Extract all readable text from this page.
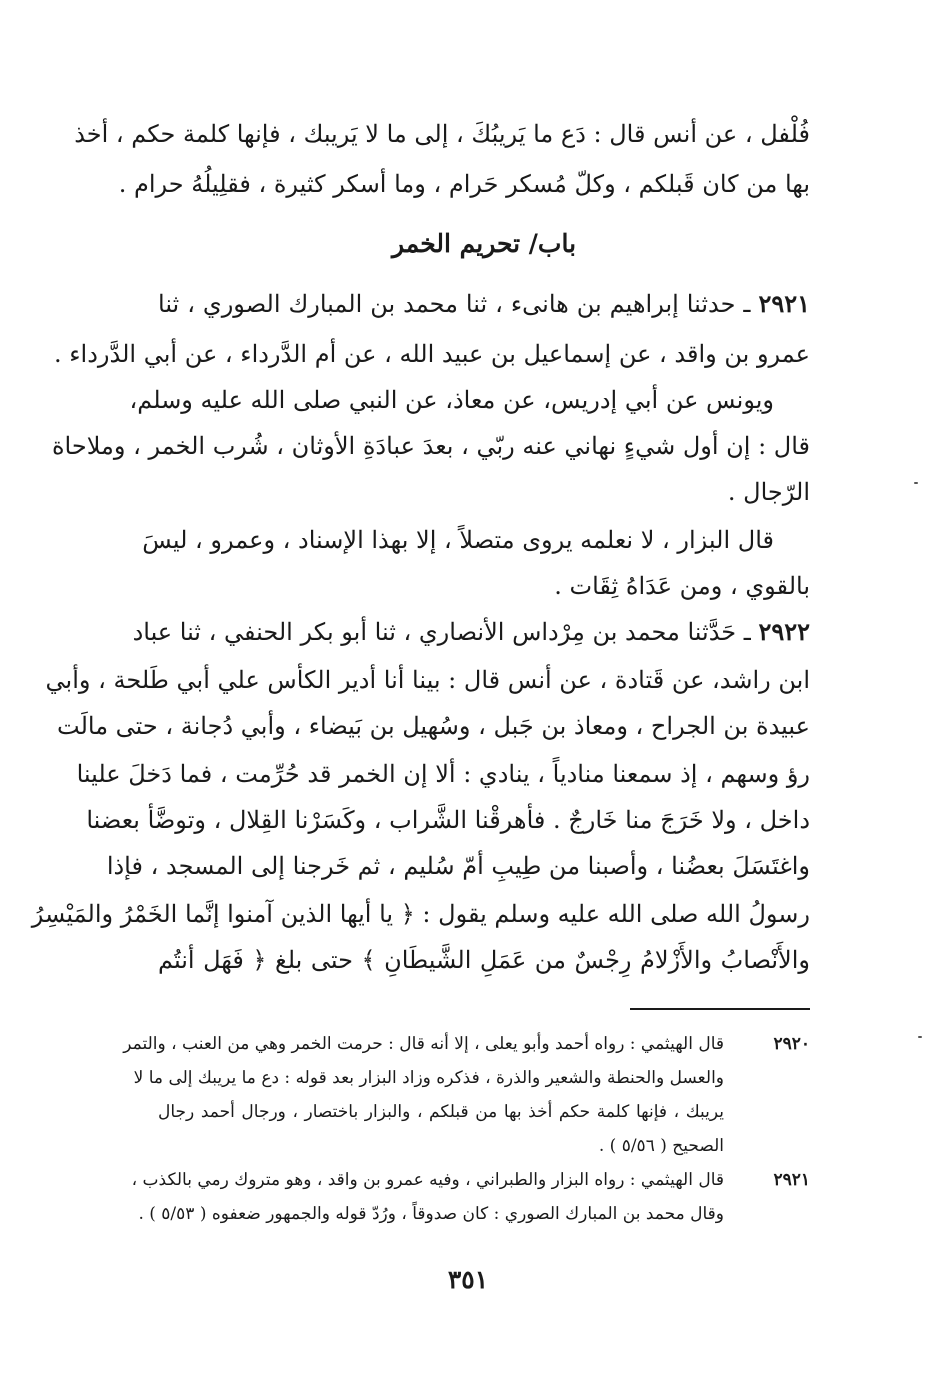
فُلْفل ، عن أنس قال : دَع ما يَريبُكَ ، إلى ما لا يَريبك ، فإنها كلمة حكم ، أخذ
بها من كان قَبلكم ، وكلّ مُسكر حَرام ، وما أسكر كثيرة ، فقلِيلُهُ حرام .
باب/ تحريم الخمر
٢٩٢١ ـ حدثنا إبراهيم بن هانىء ، ثنا محمد بن المبارك الصوري ، ثنا
عمرو بن واقد ، عن إسماعيل بن عبيد الله ، عن أم الدَّرداء ، عن أبي الدَّرداء .
ويونس عن أبي إدريس، عن معاذ، عن النبي صلى الله عليه وسلم،
قال : إن أول شيءٍ نهاني عنه ربّي ، بعدَ عبادَةِ الأوثان ، شُرب الخمر ، وملاحاة
الرّجال .
قال البزار ، لا نعلمه يروى متصلاً ، إلا بهذا الإسناد ، وعمرو ، ليسَ
بالقوي ، ومن عَدَاهُ ثِقَات .
٢٩٢٢ ـ حَدَّثنا محمد بن مِرْداس الأنصاري ، ثنا أبو بكر الحنفي ، ثنا عباد
ابن راشد، عن قَتادة ، عن أنس قال : بينا أنا أدير الكأس علي أبي طَلحة ، وأبي
عبيدة بن الجراح ، ومعاذ بن جَبل ، وسُهيل بن بَيضاء ، وأبي دُجانة ، حتى مالَت
رؤ وسهم ، إذ سمعنا منادياً ، ينادي : ألا إن الخمر قد حُرِّمت ، فما دَخلَ علينا
داخل ، ولا خَرَجَ منا خَارجٌ . فأهرقْنا الشَّراب ، وكَسَرْنا القِلال ، وتوضَّأ بعضنا
واغتَسَلَ بعضُنا ، وأصبنا من طِيبِ أمّ سُليم ، ثم خَرجنا إلى المسجد ، فإذا
رسولُ الله صلى الله عليه وسلم يقول : ﴿ يا أيها الذين آمنوا إنَّما الخَمْرُ والمَيْسِرُ
والأَنْصابُ والأَزْلامُ رِجْسٌ من عَمَلِ الشَّيطَانِ ﴾ حتى بلغ ﴿ فَهَل أنتُم
٢٩٢٠
قال الهيثمي : رواه أحمد وأبو يعلى ، إلا أنه قال : حرمت الخمر وهي من العنب ، والتمر
والعسل والحنطة والشعير والذرة ، فذكره وزاد البزار بعد قوله : دع ما يريبك إلى ما لا
يريبك ، فإنها كلمة حكم أخذ بها من قبلكم ، والبزار باختصار ، ورجال أحمد رجال
الصحيح ( ٥/٥٦ ) .
٢٩٢١
قال الهيثمي : رواه البزار والطبراني ، وفيه عمرو بن واقد ، وهو متروك رمي بالكذب ،
وقال محمد بن المبارك الصوري : كان صدوقاً ، ورُدّ قوله والجمهور ضعفوه ( ٥/٥٣ ) .
٣٥١
